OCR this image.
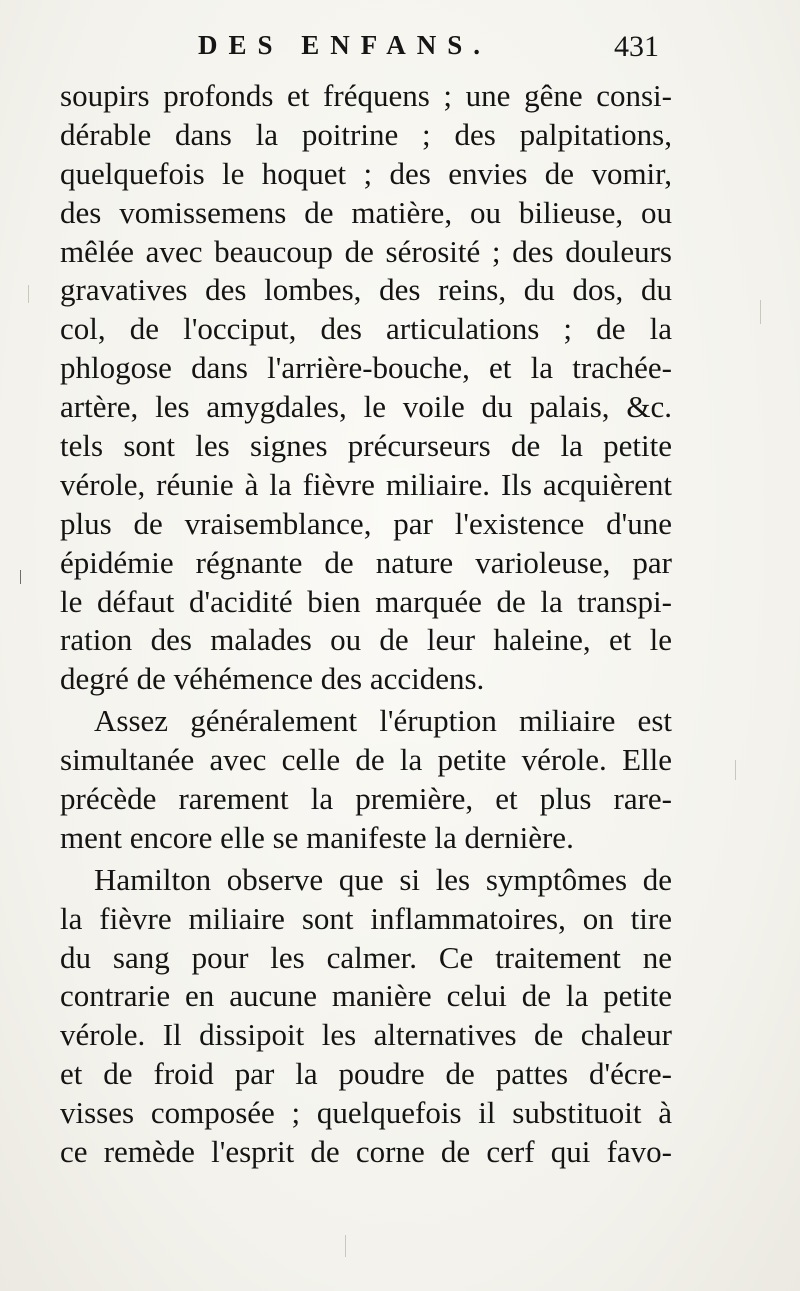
DES ENFANS.	431
soupirs profonds et fréquens ; une gêne consi-
dérable dans la poitrine ; des palpitations,
quelquefois le hoquet ; des envies de vomir,
des vomissemens de matière, ou bilieuse, ou
mêlée avec beaucoup de sérosité ; des douleurs
gravatives des lombes, des reins, du dos, du
col, de l'occiput, des articulations ; de la
phlogose dans l'arrière-bouche, et la trachée-
artère, les amygdales, le voile du palais, &c.
tels sont les signes précurseurs de la petite
vérole, réunie à la fièvre miliaire. Ils acquièrent
plus de vraisemblance, par l'existence d'une
épidémie régnante de nature varioleuse, par
le défaut d'acidité bien marquée de la transpi-
ration des malades ou de leur haleine, et le
degré de véhémence des accidens.
Assez généralement l'éruption miliaire est
simultanée avec celle de la petite vérole. Elle
précède rarement la première, et plus rare-
ment encore elle se manifeste la dernière.
Hamilton observe que si les symptômes de
la fièvre miliaire sont inflammatoires, on tire
du sang pour les calmer. Ce traitement ne
contrarie en aucune manière celui de la petite
vérole. Il dissipoit les alternatives de chaleur
et de froid par la poudre de pattes d'écre-
visses composée ; quelquefois il substituoit à
ce remède l'esprit de corne de cerf qui favo-
